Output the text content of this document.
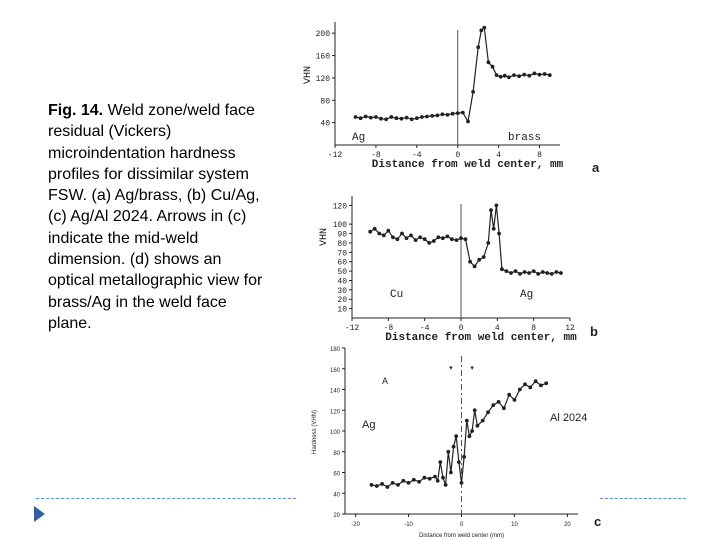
Fig. 14. Weld zone/weld face residual (Vickers) microindentation hardness profiles for dissimilar system FSW. (a) Ag/brass, (b) Cu/Ag, (c) Ag/Al 2024. Arrows in (c) indicate the mid-weld dimension. (d) shows an optical metallographic view for brass/Ag in the weld face plane.
40
80
120
160
200
-12	-8	-4	0	4	8
Distance from weld center, mm
VHN
Ag	brass
a
10
20
30
40
50
60
70
80
90
100
120
-12	-8	-4	0	4	8	12
Distance from weld center, mm
VHN
Cu	Ag
b
20
40
60
80
100
120
140
160
180
-20	-10	0	10	20
Distance from weld center (mm)
Hardness (VHN)	Ag
Al 2024
c
A
▾	▾
